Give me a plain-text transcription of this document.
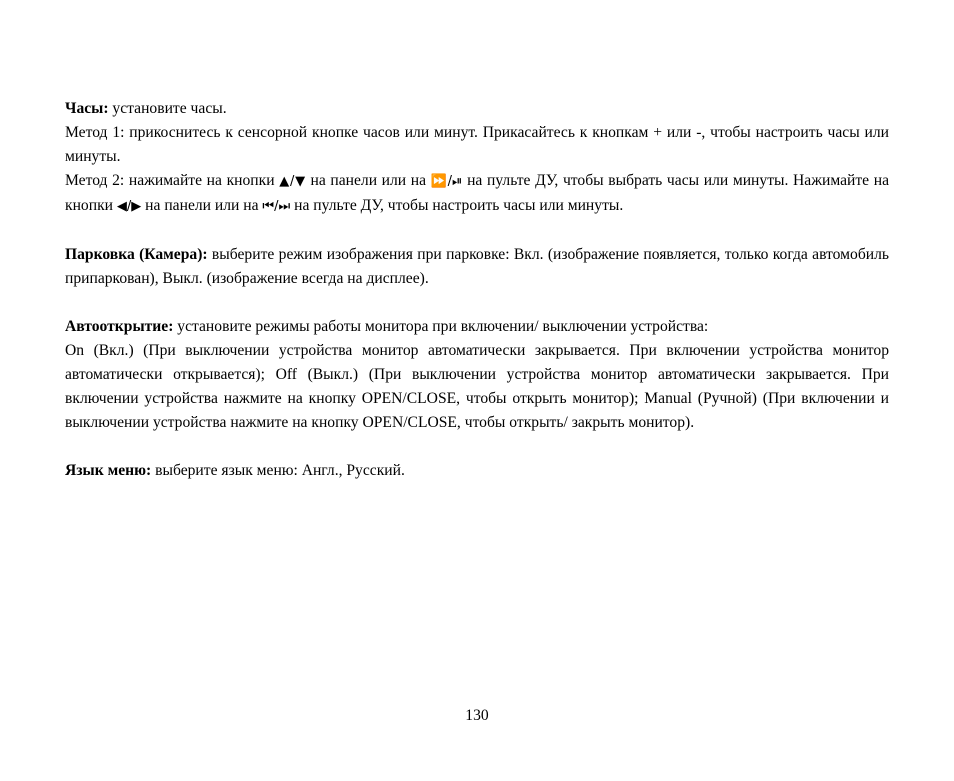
Часы: установите часы.

Метод 1: прикоснитесь к сенсорной кнопке часов или минут. Прикасайтесь к кнопкам + или -, чтобы настроить часы или минуты.

Метод 2: нажимайте на кнопки ▲/▼ на панели или на ⏩/⏯ на пульте ДУ, чтобы выбрать часы или минуты. Нажимайте на кнопки ◀/▶ на панели или на ⏮/⏭ на пульте ДУ, чтобы настроить часы или минуты.

Парковка (Камера): выберите режим изображения при парковке: Вкл. (изображение появляется, только когда автомобиль припаркован), Выкл. (изображение всегда на дисплее).

Автооткрытие: установите режимы работы монитора при включении/ выключении устройства:

On (Вкл.) (При выключении устройства монитор автоматически закрывается. При включении устройства монитор автоматически открывается); Off (Выкл.) (При выключении устройства монитор автоматически закрывается. При включении устройства нажмите на кнопку OPEN/CLOSE, чтобы открыть монитор); Manual (Ручной) (При включении и выключении устройства нажмите на кнопку OPEN/CLOSE, чтобы открыть/ закрыть монитор).

Язык меню: выберите язык меню: Англ., Русский.

130
